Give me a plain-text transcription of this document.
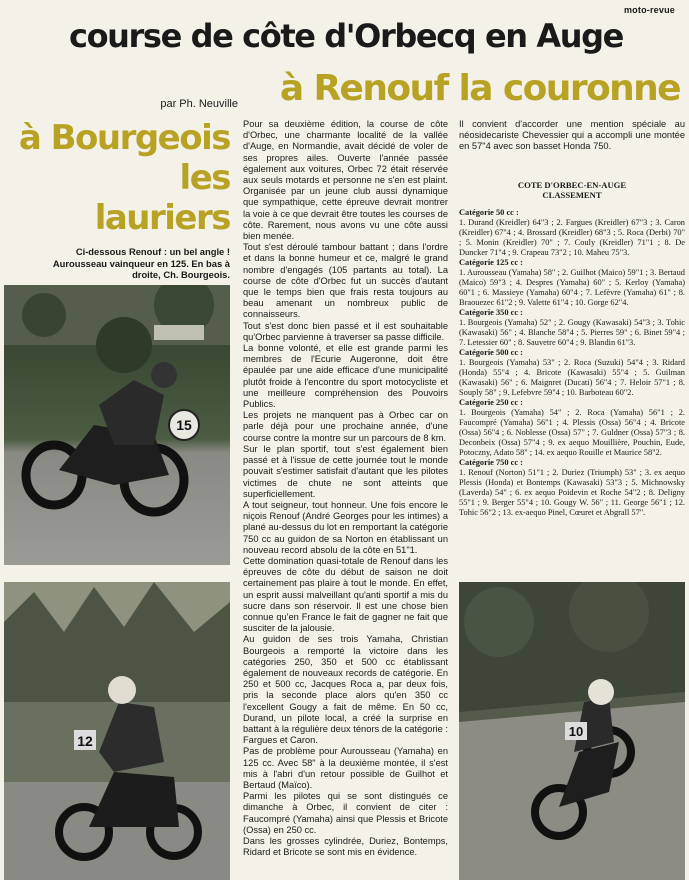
moto-revue
course de côte d'Orbecq en Auge
à Renouf la couronne
par Ph. Neuville
à Bourgeois
les
lauriers
Ci-dessous Renouf : un bel angle ! Aurousseau vainqueur en 125. En bas à droite, Ch. Bourgeois.
15
12

Pour sa deuxième édition, la course de côte d'Orbec, une charmante localité de la vallée d'Auge, en Normandie, avait décidé de voler de ses propres ailes. Ouverte l'année passée également aux voitures, Orbec 72 était réservée aux seuls motards et personne ne s'en est plaint. Organisée par un jeune club aussi dynamique que sympathique, cette épreuve devrait montrer la voie à ce que devrait être toutes les courses de côte. Rarement, nous avons vu une côte aussi bien menée.

Tout s'est déroulé tambour battant ; dans l'ordre et dans la bonne humeur et ce, malgré le grand nombre d'engagés (105 partants au total). La course de côte d'Orbec fut un succès d'autant que le temps bien que frais resta toujours au beau amenant un nombreux public de connaisseurs.

Tout s'est donc bien passé et il est souhaitable qu'Orbec parvienne à traverser sa passe difficile.

La bonne volonté, et elle est grande parmi les membres de l'Ecurie Augeronne, doit être épaulée par une aide efficace d'une municipalité plutôt froide à l'encontre du sport motocycliste et une meilleure compréhension des Pouvoirs Publics.

Les projets ne manquent pas à Orbec car on parle déjà pour une prochaine année, d'une course contre la montre sur un parcours de 8 km.

Sur le plan sportif, tout s'est également bien passé et à l'issue de cette journée tout le monde pouvait s'estimer satisfait d'autant que les pilotes victimes de chute ne sont atteints que superficiellement.

A tout seigneur, tout honneur. Une fois encore le niçois Renouf (André Georges pour les intimes) a plané au-dessus du lot en remportant la catégorie 750 cc au guidon de sa Norton en établissant un nouveau record absolu de la côte en 51"1.

Cette domination quasi-totale de Renouf dans les épreuves de côte du début de saison ne doit certainement pas plaire à tout le monde. En effet, un esprit aussi malveillant qu'anti sportif a mis du sucre dans son réservoir. Il est une chose bien connue qu'en France le fait de gagner ne fait que susciter de la jalousie.

Au guidon de ses trois Yamaha, Christian Bourgeois a remporté la victoire dans les catégories 250, 350 et 500 cc établissant également de nouveaux records de catégorie. En 250 et 500 cc, Jacques Roca a, par deux fois, pris la seconde place alors qu'en 350 cc l'excellent Gougy a fait de même. En 50 cc, Durand, un pilote local, a créé la surprise en battant à la régulière deux ténors de la catégorie : Fargues et Caron.

Pas de problème pour Aurousseau (Yamaha) en 125 cc. Avec 58" à la deuxième montée, il s'est mis à l'abri d'un retour possible de Guilhot et Bertaud (Maïco).

Parmi les pilotes qui se sont distingués ce dimanche à Orbec, il convient de citer : Faucompré (Yamaha) ainsi que Plessis et Bricote (Ossa) en 250 cc.

Dans les grosses cylindrée, Duriez, Bontemps, Ridard et Bricote se sont mis en évidence.

Il convient d'accorder une mention spéciale au néosidecariste Chevessier qui a accompli une montée en 57"4 avec son basset Honda 750.
COTE D'ORBEC-EN-AUGE
CLASSEMENT
Catégorie 50 cc :
1. Durand (Kreidler) 64"3 ; 2. Fargues (Kreidler) 67"3 ; 3. Caron (Kreidler) 67"4 ; 4. Brossard (Kreidler) 68"3 ; 5. Roca (Derbi) 70" ; 5. Monin (Kreidler) 70" ; 7. Couly (Kreidler) 71"1 ; 8. De Duncker 71"4 ; 9. Crapeau 73"2 ; 10. Maheu 75"3.
Catégorie 125 cc :
1. Aurousseau (Yamaha) 58" ; 2. Guilhot (Maico) 59"1 ; 3. Bertaud (Maico) 59"3 ; 4. Despres (Yamaha) 60" ; 5. Kerloy (Yamaha) 60"1 ; 6. Massieye (Yamaha) 60"4 ; 7. Lefèvre (Yamaha) 61" ; 8. Braouezec 61"2 ; 9. Valette 61"4 ; 10. Gorge 62"4.
Catégorie 350 cc :
1. Bourgeois (Yamaha) 52" ; 2. Gougy (Kawasaki) 54"3 ; 3. Tohic (Kawasaki) 56" ; 4. Blanche 58"4 ; 5. Pierres 59" ; 6. Binet 59"4 ; 7. Letessier 60" ; 8. Sauvetre 60"4 ; 9. Blandin 61"3.
Catégorie 500 cc :
1. Bourgeois (Yamaha) 53" ; 2. Roca (Suzuki) 54"4 ; 3. Ridard (Honda) 55"4 ; 4. Bricote (Kawasaki) 55"4 ; 5. Guilman (Kawasaki) 56" ; 6. Maignret (Ducati) 56"4 ; 7. Heloir 57"1 ; 8. Souply 58" ; 9. Lefebvre 59"4 ; 10. Barboteau 60"2.
Catégorie 250 cc :
1. Bourgeois (Yamaha) 54" ; 2. Roca (Yamaha) 56"1 ; 2. Faucompré (Yamaha) 56"1 ; 4. Plessis (Ossa) 56"4 ; 4. Bricote (Ossa) 56"4 ; 6. Noblesse (Ossa) 57" ; 7. Guldner (Ossa) 57"3 ; 8. Deconbeix (Ossa) 57"4 ; 9. ex aequo Mouillière, Pouchin, Eude, Potoczny, Adato 58" ; 14. ex aequo Rouille et Maurice 58"2.
Catégorie 750 cc :
1. Renouf (Norton) 51"1 ; 2. Duriez (Triumph) 53" ; 3. ex aequo Plessis (Honda) et Bontemps (Kawasaki) 53"3 ; 5. Michnowsky (Laverda) 54" ; 6. ex aequo Poidevin et Roche 54"2 ; 8. Deligny 55"1 ; 9. Berger 55"4 ; 10. Gougy W. 56" ; 11. George 56"1 ; 12. Tohic 56"2 ; 13. ex-aequo Pinel, Cœuret et Abgrall 57".
10
